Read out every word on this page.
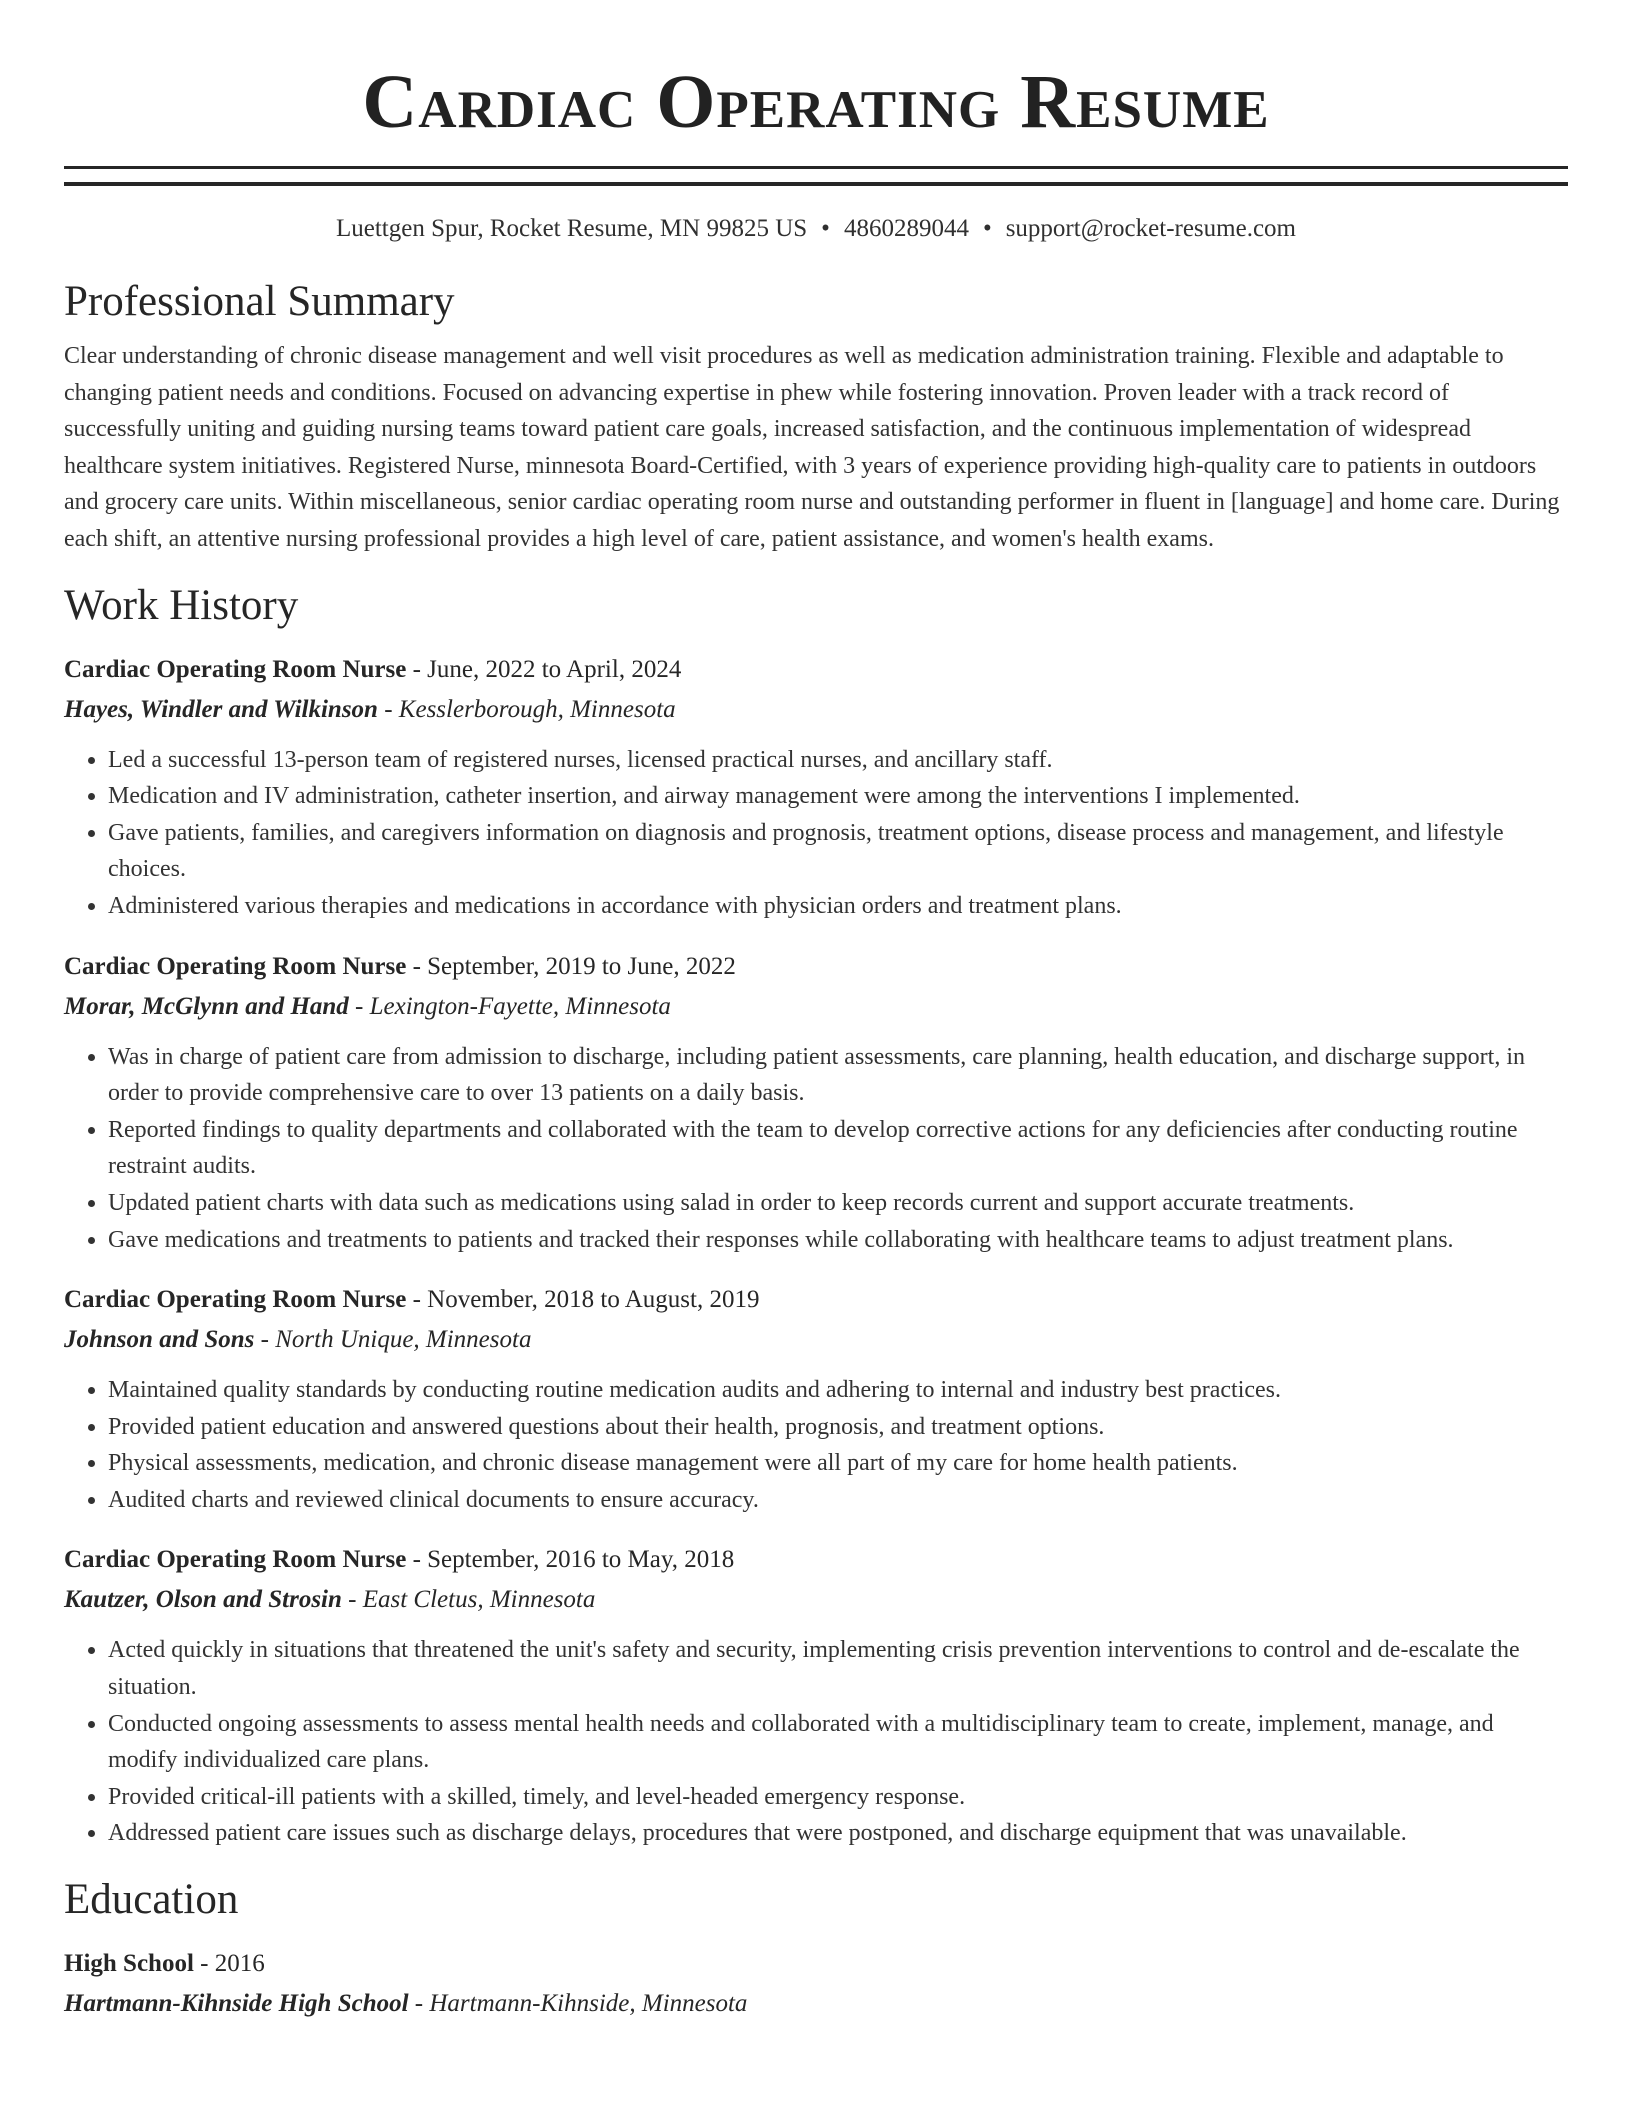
Cardiac Operating Resume
Luettgen Spur, Rocket Resume, MN 99825 US • 4860289044 • support@rocket-resume.com
Professional Summary
Clear understanding of chronic disease management and well visit procedures as well as medication administration training. Flexible and adaptable to changing patient needs and conditions. Focused on advancing expertise in phew while fostering innovation. Proven leader with a track record of successfully uniting and guiding nursing teams toward patient care goals, increased satisfaction, and the continuous implementation of widespread healthcare system initiatives. Registered Nurse, minnesota Board-Certified, with 3 years of experience providing high-quality care to patients in outdoors and grocery care units. Within miscellaneous, senior cardiac operating room nurse and outstanding performer in fluent in [language] and home care. During each shift, an attentive nursing professional provides a high level of care, patient assistance, and women's health exams.
Work History
Cardiac Operating Room Nurse - June, 2022 to April, 2024
Hayes, Windler and Wilkinson - Kesslerborough, Minnesota
• Led a successful 13-person team of registered nurses, licensed practical nurses, and ancillary staff.
• Medication and IV administration, catheter insertion, and airway management were among the interventions I implemented.
• Gave patients, families, and caregivers information on diagnosis and prognosis, treatment options, disease process and management, and lifestyle choices.
• Administered various therapies and medications in accordance with physician orders and treatment plans.
Cardiac Operating Room Nurse - September, 2019 to June, 2022
Morar, McGlynn and Hand - Lexington-Fayette, Minnesota
• Was in charge of patient care from admission to discharge, including patient assessments, care planning, health education, and discharge support, in order to provide comprehensive care to over 13 patients on a daily basis.
• Reported findings to quality departments and collaborated with the team to develop corrective actions for any deficiencies after conducting routine restraint audits.
• Updated patient charts with data such as medications using salad in order to keep records current and support accurate treatments.
• Gave medications and treatments to patients and tracked their responses while collaborating with healthcare teams to adjust treatment plans.
Cardiac Operating Room Nurse - November, 2018 to August, 2019
Johnson and Sons - North Unique, Minnesota
• Maintained quality standards by conducting routine medication audits and adhering to internal and industry best practices.
• Provided patient education and answered questions about their health, prognosis, and treatment options.
• Physical assessments, medication, and chronic disease management were all part of my care for home health patients.
• Audited charts and reviewed clinical documents to ensure accuracy.
Cardiac Operating Room Nurse - September, 2016 to May, 2018
Kautzer, Olson and Strosin - East Cletus, Minnesota
• Acted quickly in situations that threatened the unit's safety and security, implementing crisis prevention interventions to control and de-escalate the situation.
• Conducted ongoing assessments to assess mental health needs and collaborated with a multidisciplinary team to create, implement, manage, and modify individualized care plans.
• Provided critical-ill patients with a skilled, timely, and level-headed emergency response.
• Addressed patient care issues such as discharge delays, procedures that were postponed, and discharge equipment that was unavailable.
Education
High School - 2016
Hartmann-Kihnside High School - Hartmann-Kihnside, Minnesota
